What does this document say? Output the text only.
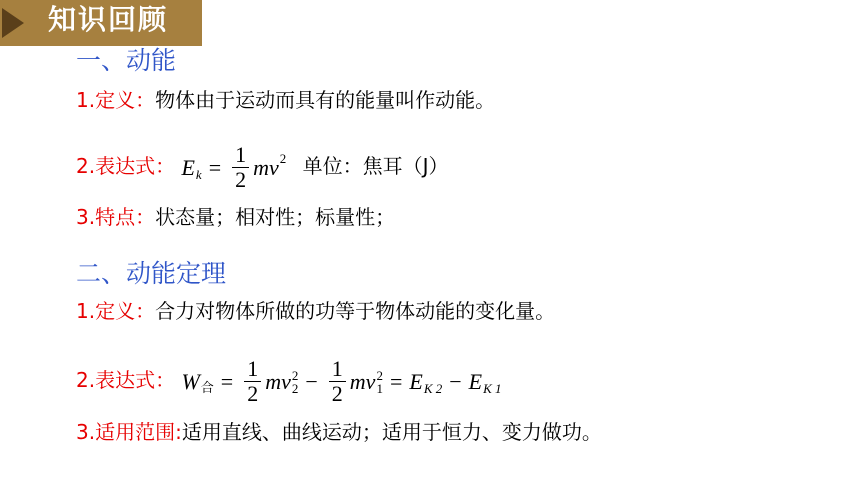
知识回顾
一、动能
1.定义：物体由于运动而具有的能量叫作动能。
2.表达式： E $k = \frac{1}{2}$ mv 2 单位：焦耳（J）
3.特点：状态量；相对性；标量性；
二、动能定理
1.定义：合力对物体所做的功等于物体动能的变化量。
2.表达式： W 合 = $\frac{1}{2}$ mv 2
$2 - \frac{1}{2}$ mv 2
1 = E K 2 − E K 1
3.适用范围:适用直线、曲线运动；适用于恒力、变力做功。
